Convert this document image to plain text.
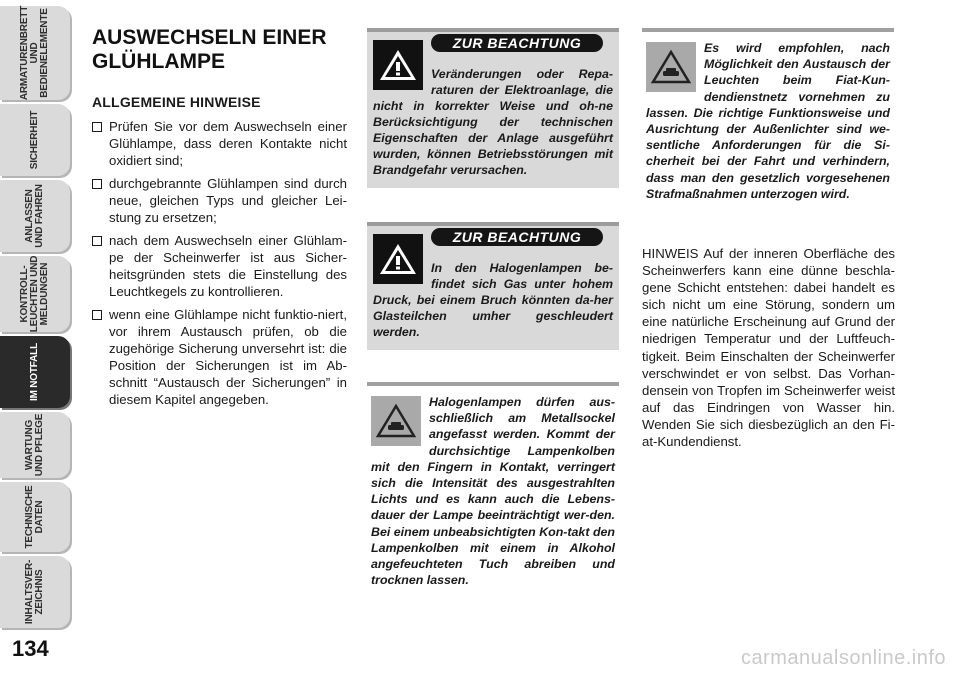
ARMATURENBRETT
UND
BEDIENELEMENTE
SICHERHEIT
ANLASSEN
UND FAHREN
KONTROLL-
LEUCHTEN UND
MELDUNGEN
IM NOTFALL
WARTUNG
UND PFLEGE
TECHNISCHE
DATEN
INHALTSVER-
ZEICHNIS
134
AUSWECHSELN EINER
GLÜHLAMPE
ALLGEMEINE HINWEISE
Prüfen Sie vor dem Auswechseln einer Glühlampe, dass deren Kontakte nicht oxidiert sind;
durchgebrannte Glühlampen sind durch neue, gleichen Typs und gleicher Lei-stung zu ersetzen;
nach dem Auswechseln einer Glühlam-pe der Scheinwerfer ist aus Sicher-heitsgründen stets die Einstellung des Leuchtkegels zu kontrollieren.
wenn eine Glühlampe nicht funktio-niert, vor ihrem Austausch prüfen, ob die zugehörige Sicherung unversehrt ist: die Position der Sicherungen ist im Ab-schnitt “Austausch der Sicherungen” in diesem Kapitel angegeben.
ZUR BEACHTUNG
Veränderungen oder Repa-raturen der Elektroanlage, die nicht in korrekter Weise und oh-ne Berücksichtigung der technischen Eigenschaften der Anlage ausgeführt wurden, können Betriebsstörungen mit Brandgefahr verursachen.
ZUR BEACHTUNG
In den Halogenlampen be-findet sich Gas unter hohem Druck, bei einem Bruch könnten da-her Glasteilchen umher geschleudert werden.
Halogenlampen dürfen aus-schließlich am Metallsockel angefasst werden. Kommt der durchsichtige Lampenkolben mit den Fingern in Kontakt, verringert sich die Intensität des ausgestrahlten Lichts und es kann auch die Lebens-dauer der Lampe beeinträchtigt wer-den. Bei einem unbeabsichtigten Kon-takt den Lampenkolben mit einem in Alkohol angefeuchteten Tuch abreiben und trocknen lassen.
Es wird empfohlen, nach Möglichkeit den Austausch der Leuchten beim Fiat-Kun-dendienstnetz vornehmen zu lassen. Die richtige Funktionsweise und Ausrichtung der Außenlichter sind we-sentliche Anforderungen für die Si-cherheit bei der Fahrt und verhindern, dass man den gesetzlich vorgesehenen Strafmaßnahmen unterzogen wird.
HINWEIS Auf der inneren Oberfläche des Scheinwerfers kann eine dünne beschla-gene Schicht entstehen: dabei handelt es sich nicht um eine Störung, sondern um eine natürliche Erscheinung auf Grund der niedrigen Temperatur und der Luftfeuch-tigkeit. Beim Einschalten der Scheinwerfer verschwindet er von selbst. Das Vorhan-densein von Tropfen im Scheinwerfer weist auf das Eindringen von Wasser hin. Wenden Sie sich diesbezüglich an den Fi-at-Kundendienst.
carmanualsonline.info
